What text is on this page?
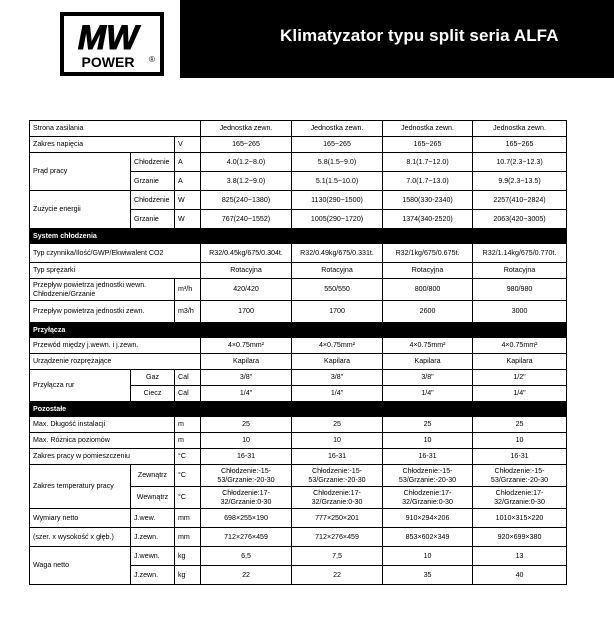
MW
POWER ®
Klimatyzator typu split seria ALFA
Strona zasilania			Jednostka zewn.	Jednostka zewn.	Jednostka zewn.	Jednostka zewn.
Zakres napięcia		V	165~265	165~265	165~265	165~265
Prąd pracy	Chłodzenie	A	4.0(1.2~8.0)	5.8(1.5~9.0)	8.1(1.7~12.0)	10.7(2.3~12.3)
	Grzanie	A	3.8(1.2~9.0)	5.1(1.5~10.0)	7.0(1.7~13.0)	9.9(2.3~13.5)
Zużycie energii	Chłodzenie	W	825(240~1380)	1130(290~1500)	1580(330-2340)	2257(410~2824)
	Grzanie	W	767(240~1552)	1005(290~1720)	1374(340-2520)	2063(420~3005)
System chłodzenia						
Typ czynnika/Ilość/GWP/Ekwiwalent CO2			R32/0.45kg/675/0.304t.	R32/0.49kg/675/0.331t.	R32/1kg/675/0.675t.	R32/1.14kg/675/0.770t.
Typ sprężarki			Rotacyjna	Rotacyjna	Rotacyjna	Rotacyjna
Przepływ powietrza jednostki wewn. Chłodzenie/Grzanie		m³/h	420/420	550/550	800/800	980/980
Przepływ powietrza jednostki zewn.		m3/h	1700	1700	2600	3000
Przyłącza						
Przewód między j.wewn. i j.zewn.			4×0.75mm²	4×0.75mm²	4×0.75mm²	4×0.75mm²
Urządzenie rozprężające			Kapilara	Kapilara	Kapilara	Kapilara
Przyłącza rur	Gaz	Cal	3/8"	3/8"	3/8"	1/2"
	Ciecz	Cal	1/4"	1/4"	1/4"	1/4"
Pozostałe						
Max. Długość instalacji		m	25	25	25	25
Max. Różnica poziomów		m	10	10	10	10
Zakres pracy w pomieszczeniu		°C	16-31	16-31	16-31	16-31
Zakres temperatury pracy	Zewnątrz	°C	Chłodzenie:-15-53/Grzanie:-20-30	Chłodzenie:-15-53/Grzanie:-20-30	Chłodzenie:-15-53/Grzanie:-20-30	Chłodzenie:-15-53/Grzanie:-20-30
	Wewnątrz	°C	Chłodzenie:17-32/Grzanie:0-30	Chłodzenie:17-32/Grzanie:0-30	Chłodzenie:17-32/Grzanie:0-30	Chłodzenie:17-32/Grzanie:0-30
Wymiary netto	J.wew.	mm	698×255×190	777×250×201	910×294×206	1010×315×220
(szer. x wysokość x głęb.)	J.zewn.	mm	712×276×459	712×276×459	853×602×349	920×699×380
Waga netto	J.wewn.	kg	6,5	7,5	10	13
	J.zewn.	kg	22	22	35	40
